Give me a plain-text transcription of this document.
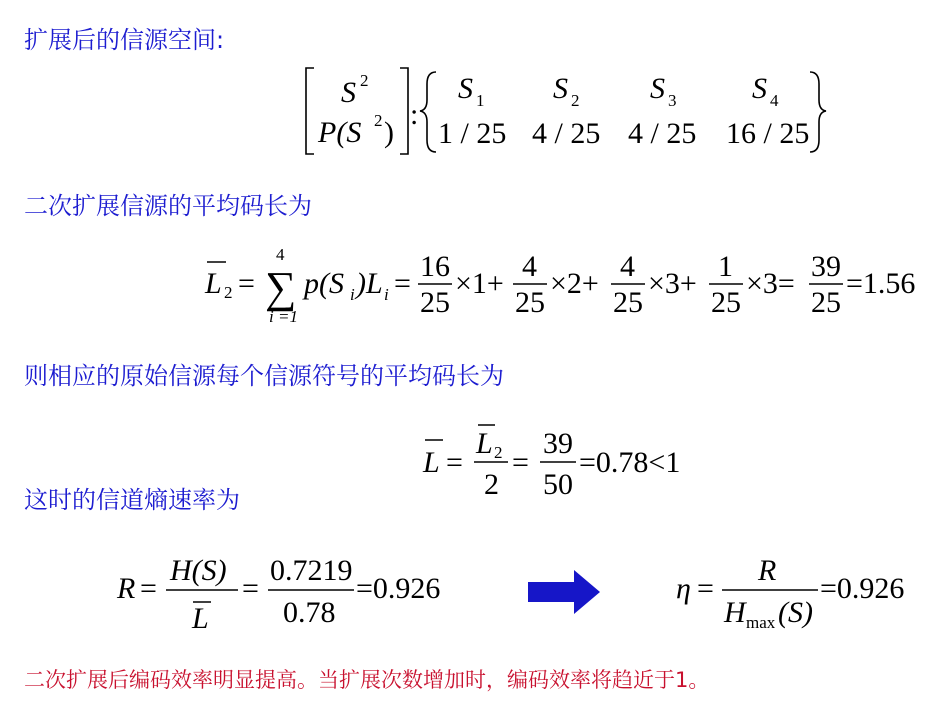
扩展后的信源空间:
S 2
P(S 2 )
:
S 1 S 2 S 3	S 4
1 / 25 4 / 25 4 / 25 16 / 25
二次扩展信源的平均码长为
L 2 =
4
∑
i =1
p(S i )L i =
16
25
×1+
4
25
×2+
4
25
×3+
1
25
×3=
39
25
=1.56
则相应的原始信源每个信源符号的平均码长为
L =
L 2
2
=
39
50
=0.78<1
这时的信道熵速率为
R =
H(S)
L
=
0.7219
0.78
=0.926	η =
R
H max (S)
=0.926
二次扩展后编码效率明显提高。当扩展次数增加时，编码效率将趋近于1。
